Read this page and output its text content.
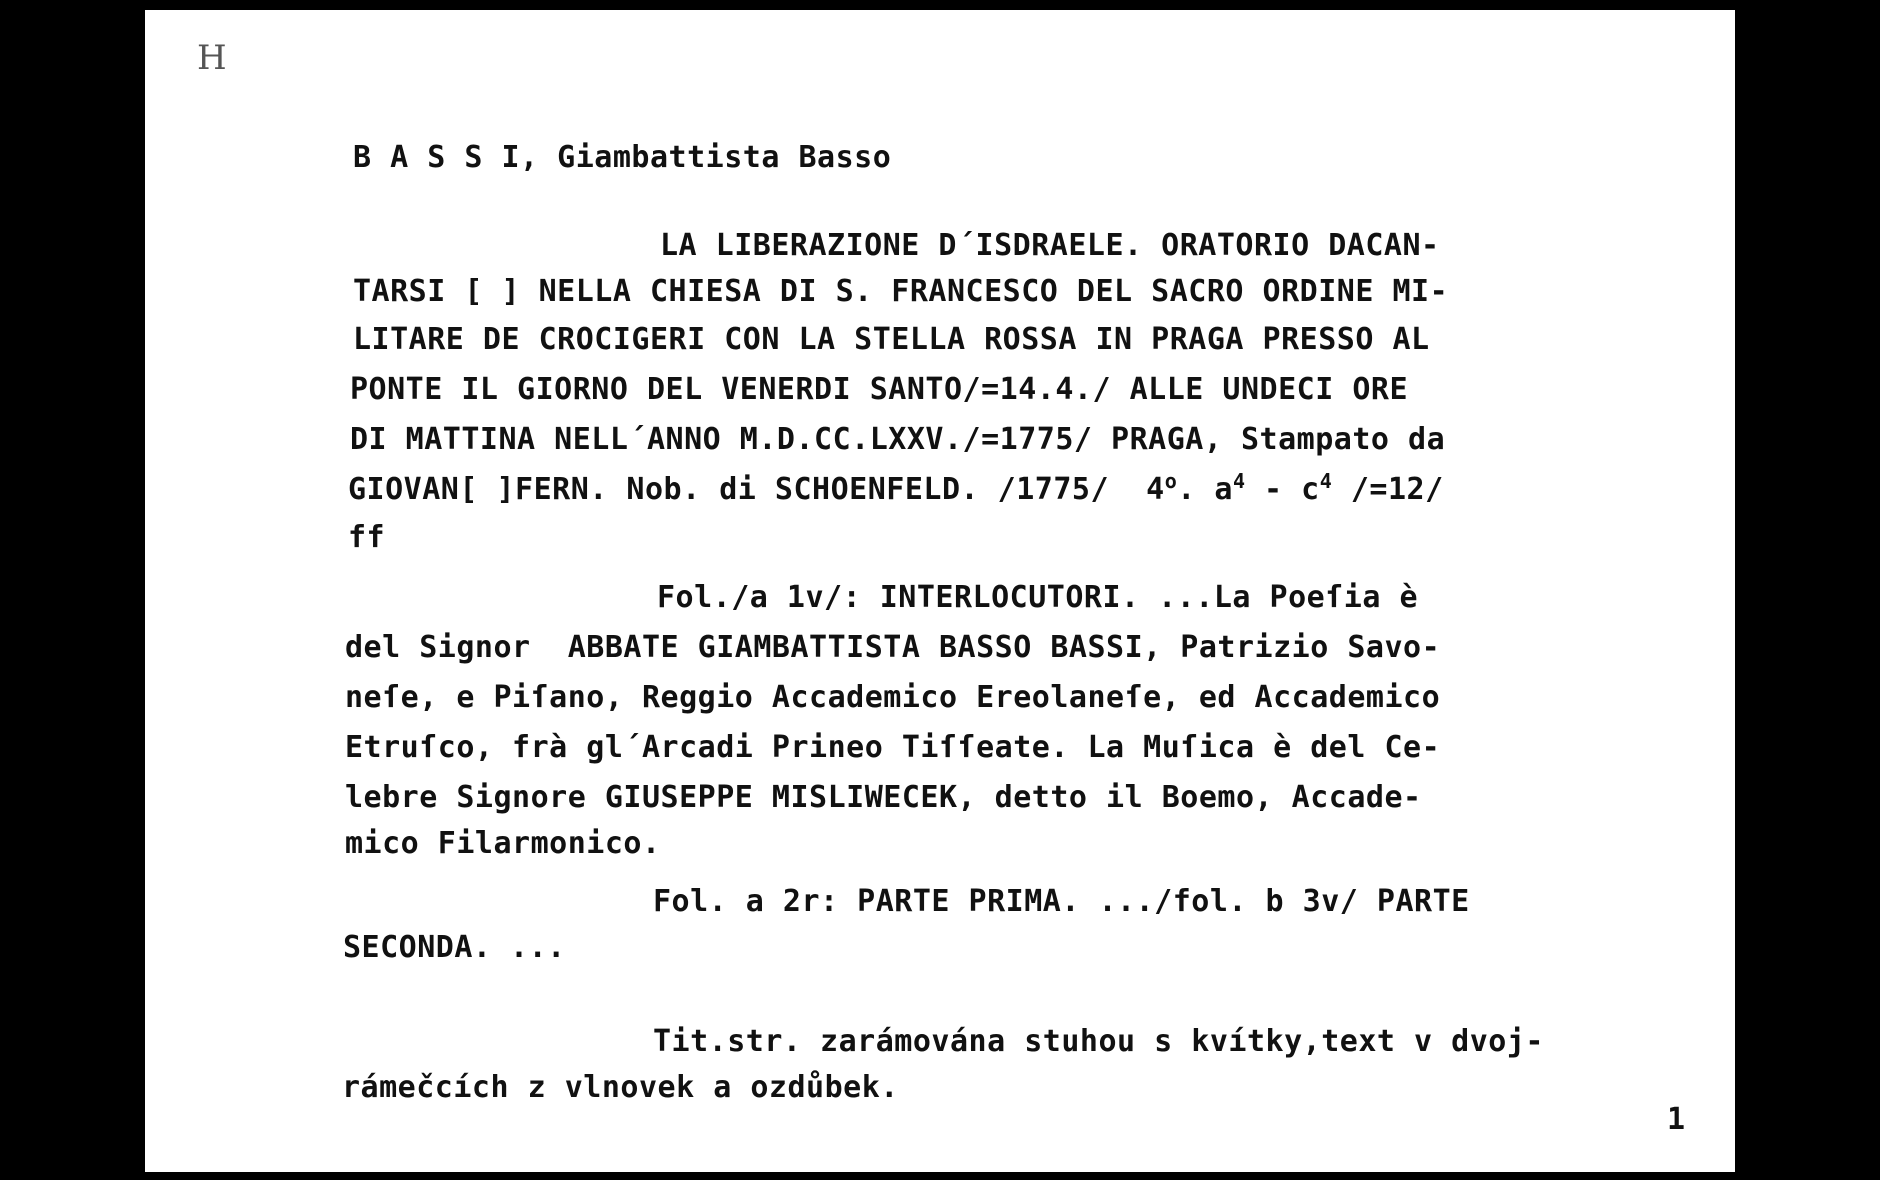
H
B A S S I, Giambattista Basso
LA LIBERAZIONE D´ISDRAELE. ORATORIO DACAN-
TARSI [ ] NELLA CHIESA DI S. FRANCESCO DEL SACRO ORDINE MI-
LITARE DE CROCIGERI CON LA STELLA ROSSA IN PRAGA PRESSO AL
PONTE IL GIORNO DEL VENERDI SANTO/=14.4./ ALLE UNDECI ORE
DI MATTINA NELL´ANNO M.D.CC.LXXV./=1775/ PRAGA, Stampato da
GIOVAN[ ]FERN. Nob. di SCHOENFELD. /1775/  4$^o$. $a^4 - c^4$ /=12/
ff
Fol./a 1v/: INTERLOCUTORI. ...La Poeſia è
del Signor  ABBATE GIAMBATTISTA BASSO BASSI, Patrizio Savo-
neſe, e Piſano, Reggio Accademico Ereolaneſe, ed Accademico
Etruſco, frà gl´Arcadi Prineo Tiſſeate. La Muſica è del Ce-
lebre Signore GIUSEPPE MISLIWECEK, detto il Boemo, Accade-
mico Filarmonico.
Fol. a 2r: PARTE PRIMA. .../fol. b 3v/ PARTE
SECONDA. ...
Tit.str. zarámována stuhou s kvítky,text v dvoj-
rámečcích z vlnovek a ozdůbek.
1
